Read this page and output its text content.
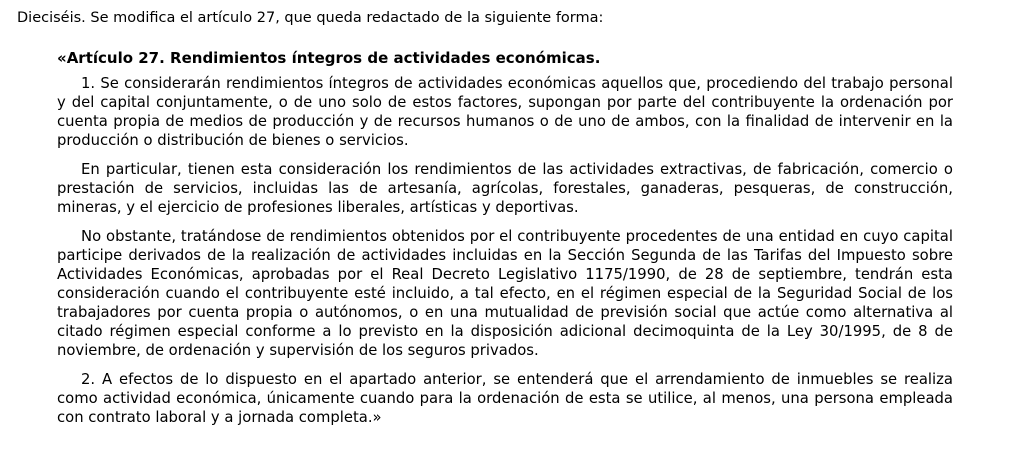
Dieciséis. Se modifica el artículo 27, que queda redactado de la siguiente forma:
«Artículo 27. Rendimientos íntegros de actividades económicas.

1. Se considerarán rendimientos íntegros de actividades económicas aquellos que, procediendo del trabajo personal y del capital conjuntamente, o de uno solo de estos factores, supongan por parte del contribuyente la ordenación por cuenta propia de medios de producción y de recursos humanos o de uno de ambos, con la finalidad de intervenir en la producción o distribución de bienes o servicios.

En particular, tienen esta consideración los rendimientos de las actividades extractivas, de fabricación, comercio o prestación de servicios, incluidas las de artesanía, agrícolas, forestales, ganaderas, pesqueras, de construcción, mineras, y el ejercicio de profesiones liberales, artísticas y deportivas.

No obstante, tratándose de rendimientos obtenidos por el contribuyente procedentes de una entidad en cuyo capital participe derivados de la realización de actividades incluidas en la Sección Segunda de las Tarifas del Impuesto sobre Actividades Económicas, aprobadas por el Real Decreto Legislativo 1175/1990, de 28 de septiembre, tendrán esta consideración cuando el contribuyente esté incluido, a tal efecto, en el régimen especial de la Seguridad Social de los trabajadores por cuenta propia o autónomos, o en una mutualidad de previsión social que actúe como alternativa al citado régimen especial conforme a lo previsto en la disposición adicional decimoquinta de la Ley 30/1995, de 8 de noviembre, de ordenación y supervisión de los seguros privados.

2. A efectos de lo dispuesto en el apartado anterior, se entenderá que el arrendamiento de inmuebles se realiza como actividad económica, únicamente cuando para la ordenación de esta se utilice, al menos, una persona empleada con contrato laboral y a jornada completa.»
